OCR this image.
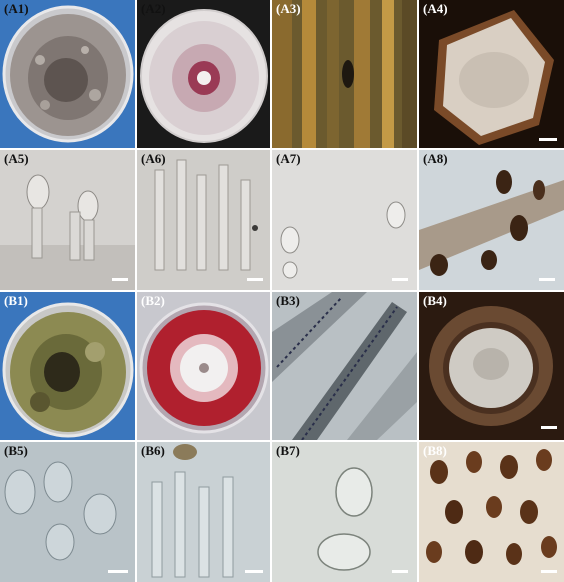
(A1)	(A2)	(A3)	(A4)
(A5)	(A6)	(A7)	(A8)
(B1)	(B2)	(B3)	(B4)
(B5)	(B6)	(B7)	(B8)
